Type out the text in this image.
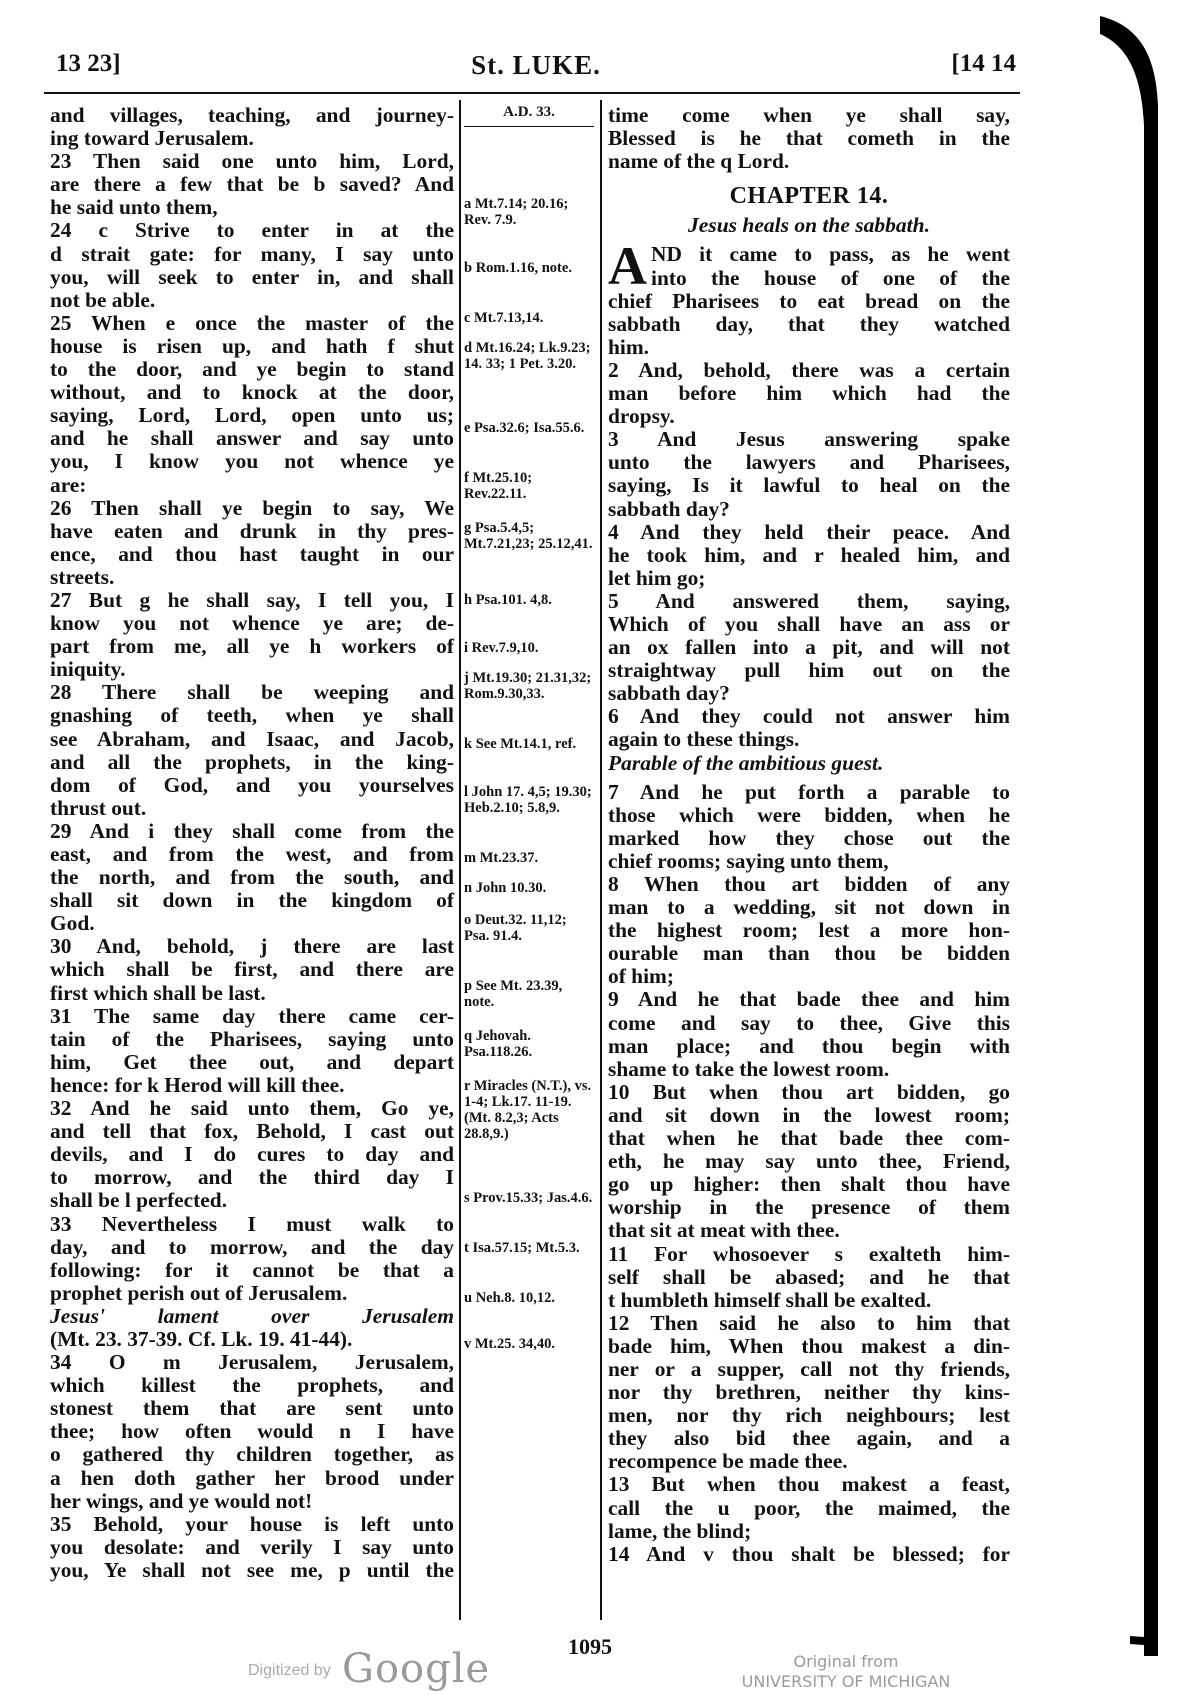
13 23]	St. LUKE.	[14 14

and villages, teaching, and journey-

ing toward Jerusalem.

23 Then said one unto him, Lord,

are there a few that be b saved? And

he said unto them,

24 c Strive to enter in at the

d strait gate: for many, I say unto

you, will seek to enter in, and shall

not be able.

25 When e once the master of the

house is risen up, and hath f shut

to the door, and ye begin to stand

without, and to knock at the door,

saying, Lord, Lord, open unto us;

and he shall answer and say unto

you, I know you not whence ye

are:

26 Then shall ye begin to say, We

have eaten and drunk in thy pres-

ence, and thou hast taught in our

streets.

27 But g he shall say, I tell you, I

know you not whence ye are; de-

part from me, all ye h workers of

iniquity.

28 There shall be weeping and

gnashing of teeth, when ye shall

see Abraham, and Isaac, and Jacob,

and all the prophets, in the king-

dom of God, and you yourselves

thrust out.

29 And i they shall come from the

east, and from the west, and from

the north, and from the south, and

shall sit down in the kingdom of

God.

30 And, behold, j there are last

which shall be first, and there are

first which shall be last.

31 The same day there came cer-

tain of the Pharisees, saying unto

him, Get thee out, and depart

hence: for k Herod will kill thee.

32 And he said unto them, Go ye,

and tell that fox, Behold, I cast out

devils, and I do cures to day and

to morrow, and the third day I

shall be l perfected.

33 Nevertheless I must walk to

day, and to morrow, and the day

following: for it cannot be that a

prophet perish out of Jerusalem.

Jesus' lament over Jerusalem

(Mt. 23. 37-39. Cf. Lk. 19. 41-44).

34 O m Jerusalem, Jerusalem,

which killest the prophets, and

stonest them that are sent unto

thee; how often would n I have

o gathered thy children together, as

a hen doth gather her brood under

her wings, and ye would not!

35 Behold, your house is left unto

you desolate: and verily I say unto

you, Ye shall not see me, p until the

A.D. 33.
a Mt.7.14; 20.16; Rev. 7.9.
b Rom.1.16, note.
c Mt.7.13,14.
d Mt.16.24; Lk.9.23; 14. 33; 1 Pet. 3.20.
e Psa.32.6; Isa.55.6.
f Mt.25.10; Rev.22.11.
g Psa.5.4,5; Mt.7.21,23; 25.12,41.
h Psa.101. 4,8.
i Rev.7.9,10.
j Mt.19.30; 21.31,32; Rom.9.30,33.
k See Mt.14.1, ref.
l John 17. 4,5; 19.30; Heb.2.10; 5.8,9.
m Mt.23.37.
n John 10.30.
o Deut.32. 11,12; Psa. 91.4.
p See Mt. 23.39, note.
q Jehovah. Psa.118.26.
r Miracles (N.T.), vs. 1-4; Lk.17. 11-19. (Mt. 8.2,3; Acts 28.8,9.)
s Prov.15.33; Jas.4.6.
t Isa.57.15; Mt.5.3.
u Neh.8. 10,12.
v Mt.25. 34,40.

time come when ye shall say,

Blessed is he that cometh in the

name of the q Lord.

CHAPTER 14.
Jesus heals on the sabbath.
A ND it came to pass, as he went

into the house of one of the

chief Pharisees to eat bread on the

sabbath day, that they watched

him.

2 And, behold, there was a certain

man before him which had the

dropsy.

3 And Jesus answering spake

unto the lawyers and Pharisees,

saying, Is it lawful to heal on the

sabbath day?

4 And they held their peace. And

he took him, and r healed him, and

let him go;

5 And answered them, saying,

Which of you shall have an ass or

an ox fallen into a pit, and will not

straightway pull him out on the

sabbath day?

6 And they could not answer him

again to these things.

Parable of the ambitious guest.

7 And he put forth a parable to

those which were bidden, when he

marked how they chose out the

chief rooms; saying unto them,

8 When thou art bidden of any

man to a wedding, sit not down in

the highest room; lest a more hon-

ourable man than thou be bidden

of him;

9 And he that bade thee and him

come and say to thee, Give this

man place; and thou begin with

shame to take the lowest room.

10 But when thou art bidden, go

and sit down in the lowest room;

that when he that bade thee com-

eth, he may say unto thee, Friend,

go up higher: then shalt thou have

worship in the presence of them

that sit at meat with thee.

11 For whosoever s exalteth him-

self shall be abased; and he that

t humbleth himself shall be exalted.

12 Then said he also to him that

bade him, When thou makest a din-

ner or a supper, call not thy friends,

nor thy brethren, neither thy kins-

men, nor thy rich neighbours; lest

they also bid thee again, and a

recompence be made thee.

13 But when thou makest a feast,

call the u poor, the maimed, the

lame, the blind;

14 And v thou shalt be blessed; for

1095
Digitized by Google	Original from
UNIVERSITY OF MICHIGAN
